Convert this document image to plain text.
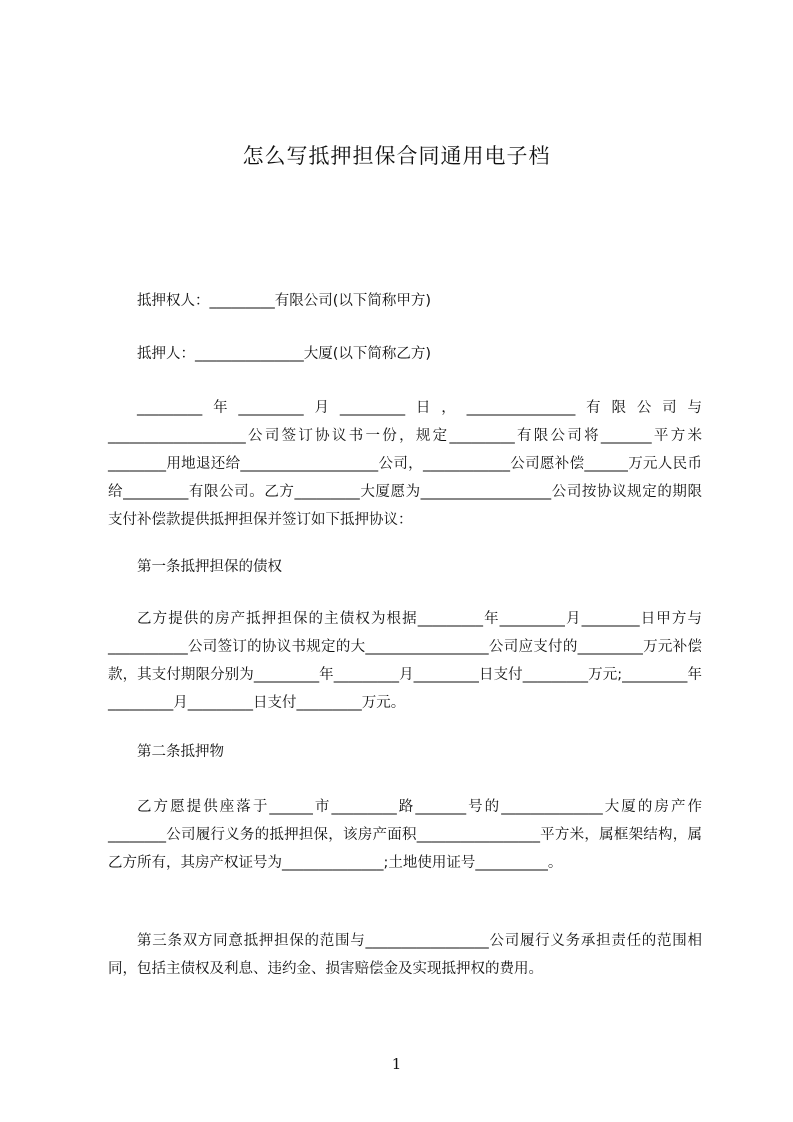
怎么写抵押担保合同通用电子档
抵押权人：_________有限公司(以下简称甲方)
抵押人：_______________大厦(以下简称乙方)
_________年_________月_________日，_______________有限公司与___________________公司签订协议书一份，规定_________有限公司将_______平方米________用地退还给___________________公司，____________公司愿补偿______万元人民币给_________有限公司。乙方_________大厦愿为__________________公司按协议规定的期限支付补偿款提供抵押担保并签订如下抵押协议：
第一条抵押担保的债权
乙方提供的房产抵押担保的主债权为根据_________年_________月________日甲方与___________公司签订的协议书规定的大_________________公司应支付的_________万元补偿款，其支付期限分别为_________年_________月_________日支付_________万元;_________年_________月_________日支付_________万元。
第二条抵押物
乙方愿提供座落于______市_________路_______号的______________大厦的房产作________公司履行义务的抵押担保，该房产面积_________________平方米，属框架结构，属乙方所有，其房产权证号为______________;土地使用证号__________。
第三条双方同意抵押担保的范围与_________________公司履行义务承担责任的范围相同，包括主债权及利息、违约金、损害赔偿金及实现抵押权的费用。
1
